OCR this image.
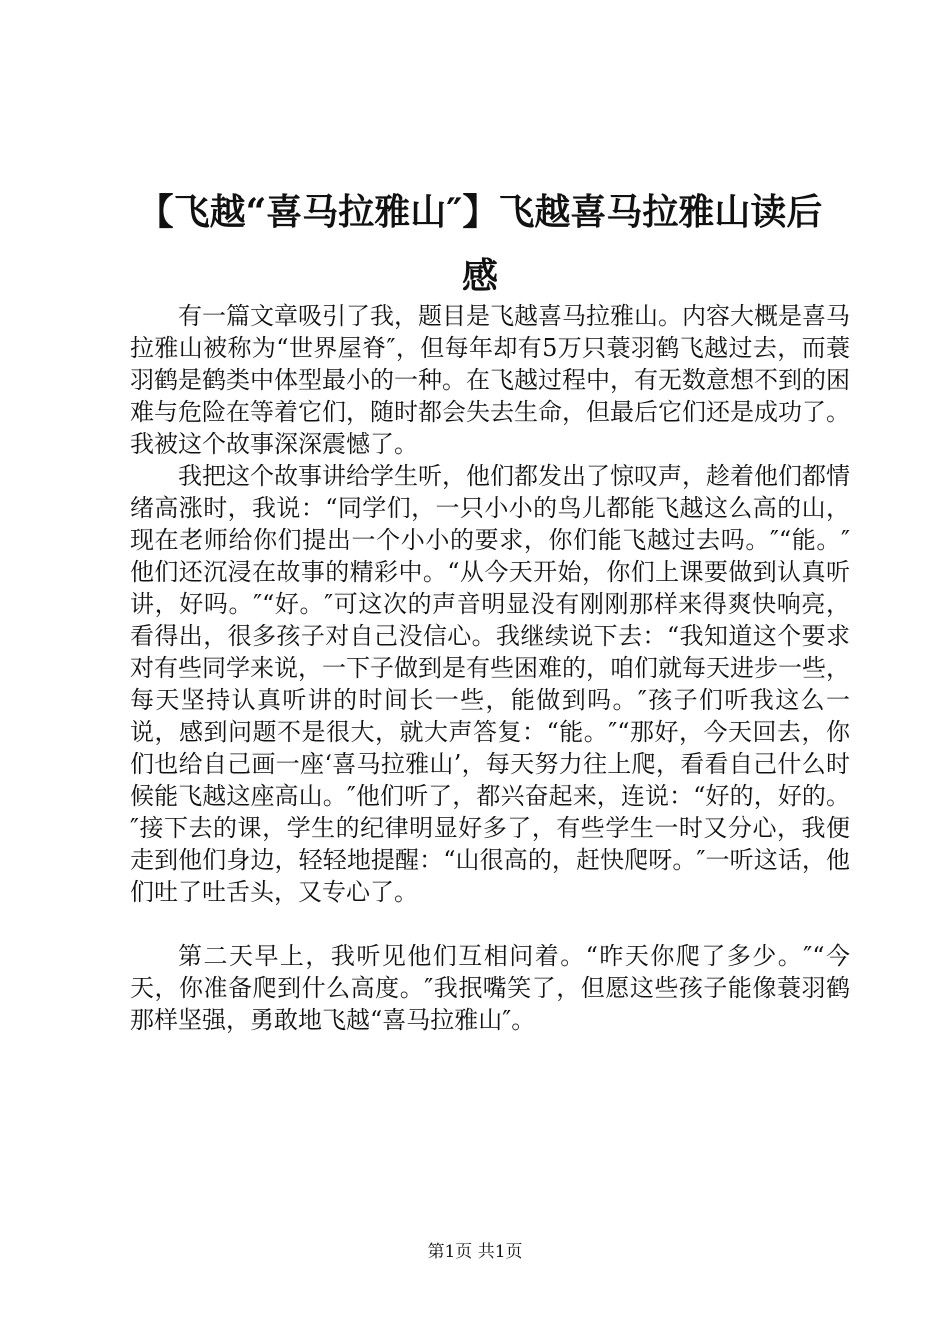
【飞越“喜马拉雅山″】飞越喜马拉雅山读后
感

有一篇文章吸引了我，题目是飞越喜马拉雅山。内容大概是喜马拉雅山被称为“世界屋脊″，但每年却有5万只蓑羽鹤飞越过去，而蓑羽鹤是鹤类中体型最小的一种。在飞越过程中，有无数意想不到的困难与危险在等着它们，随时都会失去生命，但最后它们还是成功了。我被这个故事深深震憾了。

我把这个故事讲给学生听，他们都发出了惊叹声，趁着他们都情绪高涨时，我说：“同学们，一只小小的鸟儿都能飞越这么高的山，现在老师给你们提出一个小小的要求，你们能飞越过去吗。″“能。″他们还沉浸在故事的精彩中。“从今天开始，你们上课要做到认真听讲，好吗。″“好。″可这次的声音明显没有刚刚那样来得爽快响亮，看得出，很多孩子对自己没信心。我继续说下去：“我知道这个要求对有些同学来说，一下子做到是有些困难的，咱们就每天进步一些，每天坚持认真听讲的时间长一些，能做到吗。″孩子们听我这么一说，感到问题不是很大，就大声答复：“能。″“那好，今天回去，你们也给自己画一座‘喜马拉雅山’，每天努力往上爬，看看自己什么时候能飞越这座高山。″他们听了，都兴奋起来，连说：“好的，好的。″接下去的课，学生的纪律明显好多了，有些学生一时又分心，我便走到他们身边，轻轻地提醒：“山很高的，赶快爬呀。″一听这话，他们吐了吐舌头，又专心了。

第二天早上，我听见他们互相问着。“昨天你爬了多少。″“今天，你准备爬到什么高度。″我抿嘴笑了，但愿这些孩子能像蓑羽鹤那样坚强，勇敢地飞越“喜马拉雅山″。

第1页 共1页
